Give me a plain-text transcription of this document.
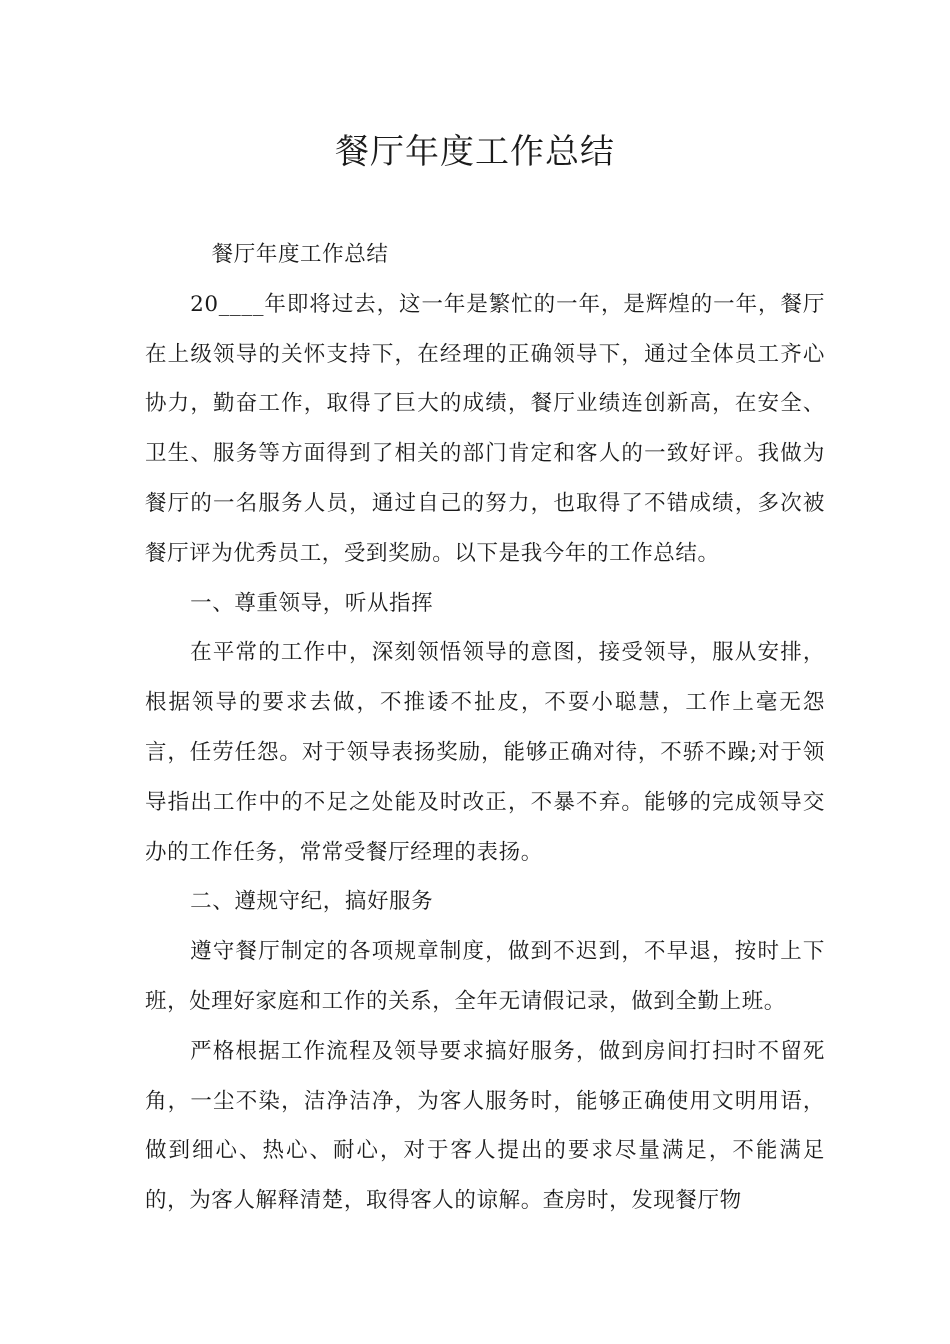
餐厅年度工作总结

餐厅年度工作总结

20____年即将过去，这一年是繁忙的一年，是辉煌的一年，餐厅在上级领导的关怀支持下，在经理的正确领导下，通过全体员工齐心协力，勤奋工作，取得了巨大的成绩，餐厅业绩连创新高，在安全、卫生、服务等方面得到了相关的部门肯定和客人的一致好评。我做为餐厅的一名服务人员，通过自己的努力，也取得了不错成绩，多次被餐厅评为优秀员工，受到奖励。以下是我今年的工作总结。

一、尊重领导，听从指挥

在平常的工作中，深刻领悟领导的意图，接受领导，服从安排，根据领导的要求去做，不推诿不扯皮，不耍小聪慧，工作上毫无怨言，任劳任怨。对于领导表扬奖励，能够正确对待，不骄不躁;对于领导指出工作中的不足之处能及时改正，不暴不弃。能够的完成领导交办的工作任务，常常受餐厅经理的表扬。

二、遵规守纪，搞好服务

遵守餐厅制定的各项规章制度，做到不迟到，不早退，按时上下班，处理好家庭和工作的关系，全年无请假记录，做到全勤上班。

严格根据工作流程及领导要求搞好服务，做到房间打扫时不留死角，一尘不染，洁净洁净，为客人服务时，能够正确使用文明用语，做到细心、热心、耐心，对于客人提出的要求尽量满足，不能满足的，为客人解释清楚，取得客人的谅解。查房时，发现餐厅物
